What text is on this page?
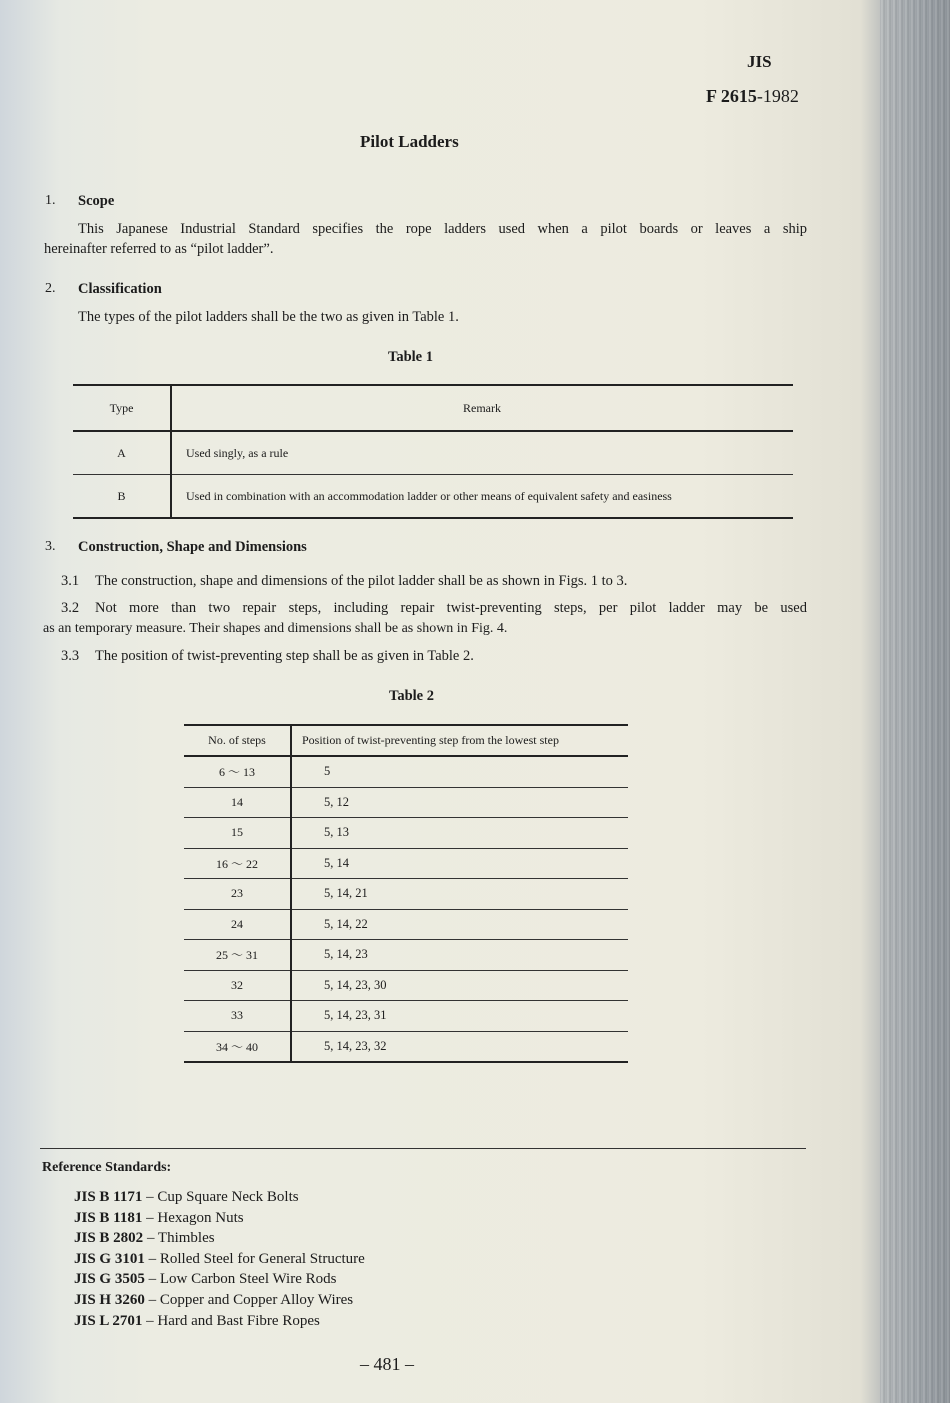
JIS
F 2615-1982
Pilot Ladders
1. Scope
This Japanese Industrial Standard specifies the rope ladders used when a pilot boards or leaves a ship
hereinafter referred to as “pilot ladder”.
2. Classification
The types of the pilot ladders shall be the two as given in Table 1.
Table 1
Type	Remark
A	Used singly, as a rule
B	Used in combination with an accommodation ladder or other means of equivalent safety and easiness
3. Construction, Shape and Dimensions
3.1 The construction, shape and dimensions of the pilot ladder shall be as shown in Figs. 1 to 3.
3.2 Not more than two repair steps, including repair twist-preventing steps, per pilot ladder may be used
as an temporary measure. Their shapes and dimensions shall be as shown in Fig. 4.
3.3 The position of twist-preventing step shall be as given in Table 2.
Table 2
No. of steps	Position of twist-preventing step from the lowest step
6 ～ 13	5
14	5, 12
15	5, 13
16 ～ 22	5, 14
23	5, 14, 21
24	5, 14, 22
25 ～ 31	5, 14, 23
32	5, 14, 23, 30
33	5, 14, 23, 31
34 ～ 40	5, 14, 23, 32
Reference Standards:
JIS B 1171 – Cup Square Neck Bolts
JIS B 1181 – Hexagon Nuts
JIS B 2802 – Thimbles
JIS G 3101 – Rolled Steel for General Structure
JIS G 3505 – Low Carbon Steel Wire Rods
JIS H 3260 – Copper and Copper Alloy Wires
JIS L 2701 – Hard and Bast Fibre Ropes
– 481 –
